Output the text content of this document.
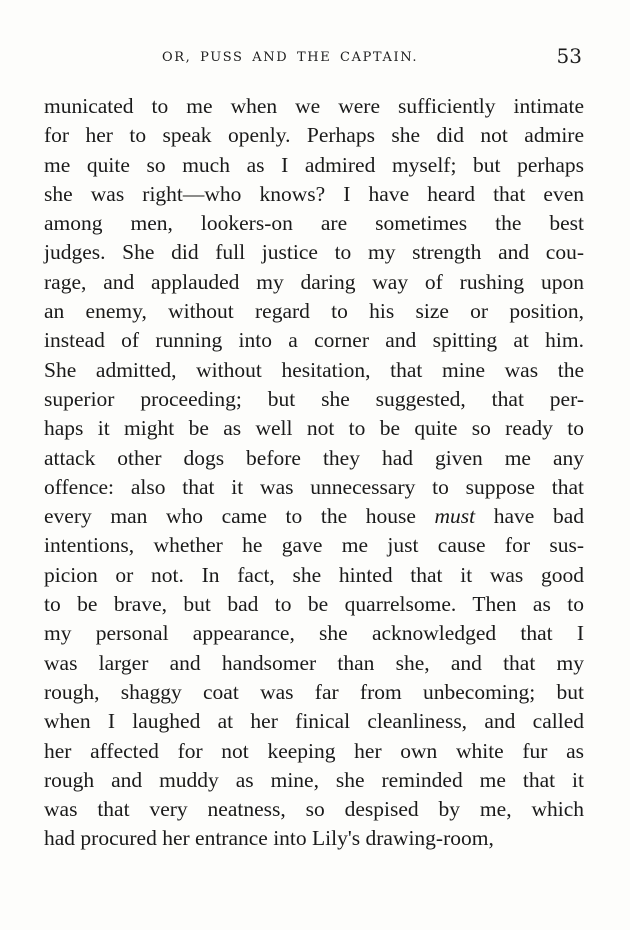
OR, PUSS AND THE CAPTAIN.	53
municated to me when we were sufficiently intimate
for her to speak openly. Perhaps she did not admire
me quite so much as I admired myself; but perhaps
she was right—who knows? I have heard that even
among men, lookers-on are sometimes the best
judges. She did full justice to my strength and cou-
rage, and applauded my daring way of rushing upon
an enemy, without regard to his size or position,
instead of running into a corner and spitting at him.
She admitted, without hesitation, that mine was the
superior proceeding; but she suggested, that per-
haps it might be as well not to be quite so ready to
attack other dogs before they had given me any
offence: also that it was unnecessary to suppose that
every man who came to the house must have bad
intentions, whether he gave me just cause for sus-
picion or not. In fact, she hinted that it was good
to be brave, but bad to be quarrelsome. Then as to
my personal appearance, she acknowledged that I
was larger and handsomer than she, and that my
rough, shaggy coat was far from unbecoming; but
when I laughed at her finical cleanliness, and called
her affected for not keeping her own white fur as
rough and muddy as mine, she reminded me that it
was that very neatness, so despised by me, which
had procured her entrance into Lily's drawing-room,
